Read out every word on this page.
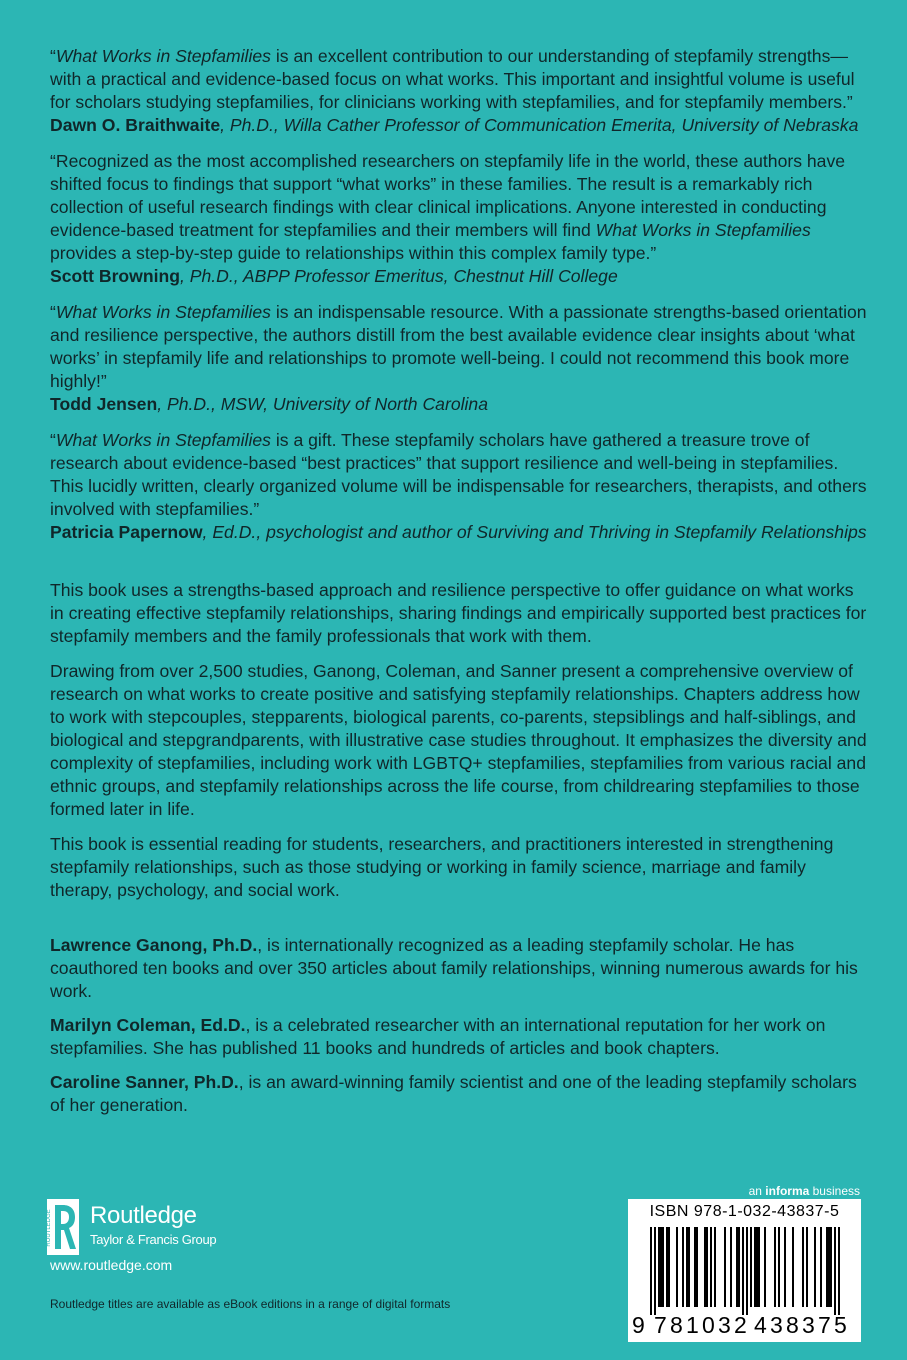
“What Works in Stepfamilies is an excellent contribution to our understanding of stepfamily strengths—with a practical and evidence-based focus on what works. This important and insightful volume is useful for scholars studying stepfamilies, for clinicians working with stepfamilies, and for stepfamily members.”

Dawn O. Braithwaite, Ph.D., Willa Cather Professor of Communication Emerita, University of Nebraska

“Recognized as the most accomplished researchers on stepfamily life in the world, these authors have shifted focus to findings that support “what works” in these families. The result is a remarkably rich collection of useful research findings with clear clinical implications. Anyone interested in conducting evidence-based treatment for stepfamilies and their members will find What Works in Stepfamilies provides a step-by-step guide to relationships within this complex family type.”

Scott Browning, Ph.D., ABPP Professor Emeritus, Chestnut Hill College

“What Works in Stepfamilies is an indispensable resource. With a passionate strengths-based orientation and resilience perspective, the authors distill from the best available evidence clear insights about ‘what works’ in stepfamily life and relationships to promote well-being. I could not recommend this book more highly!”

Todd Jensen, Ph.D., MSW, University of North Carolina

“What Works in Stepfamilies is a gift. These stepfamily scholars have gathered a treasure trove of research about evidence-based “best practices” that support resilience and well-being in stepfamilies. This lucidly written, clearly organized volume will be indispensable for researchers, therapists, and others involved with stepfamilies.”

Patricia Papernow, Ed.D., psychologist and author of Surviving and Thriving in Stepfamily Relationships

This book uses a strengths-based approach and resilience perspective to offer guidance on what works in creating effective stepfamily relationships, sharing findings and empirically supported best practices for stepfamily members and the family professionals that work with them.

Drawing from over 2,500 studies, Ganong, Coleman, and Sanner present a comprehensive overview of research on what works to create positive and satisfying stepfamily relationships. Chapters address how to work with stepcouples, stepparents, biological parents, co-parents, stepsiblings and half-siblings, and biological and stepgrandparents, with illustrative case studies throughout. It emphasizes the diversity and complexity of stepfamilies, including work with LGBTQ+ stepfamilies, stepfamilies from various racial and ethnic groups, and stepfamily relationships across the life course, from childrearing stepfamilies to those formed later in life.

This book is essential reading for students, researchers, and practitioners interested in strengthening stepfamily relationships, such as those studying or working in family science, marriage and family therapy, psychology, and social work.

Lawrence Ganong, Ph.D., is internationally recognized as a leading stepfamily scholar. He has coauthored ten books and over 350 articles about family relationships, winning numerous awards for his work.

Marilyn Coleman, Ed.D., is a celebrated researcher with an international reputation for her work on stepfamilies. She has published 11 books and hundreds of articles and book chapters.

Caroline Sanner, Ph.D., is an award-winning family scientist and one of the leading stepfamily scholars of her generation.

ROUTLEDGE Routledge
Taylor & Francis Group
www.routledge.com
Routledge titles are available as eBook editions in a range of digital formats
an informa business
ISBN 978-1-032-43837-5
9 781032 438375
